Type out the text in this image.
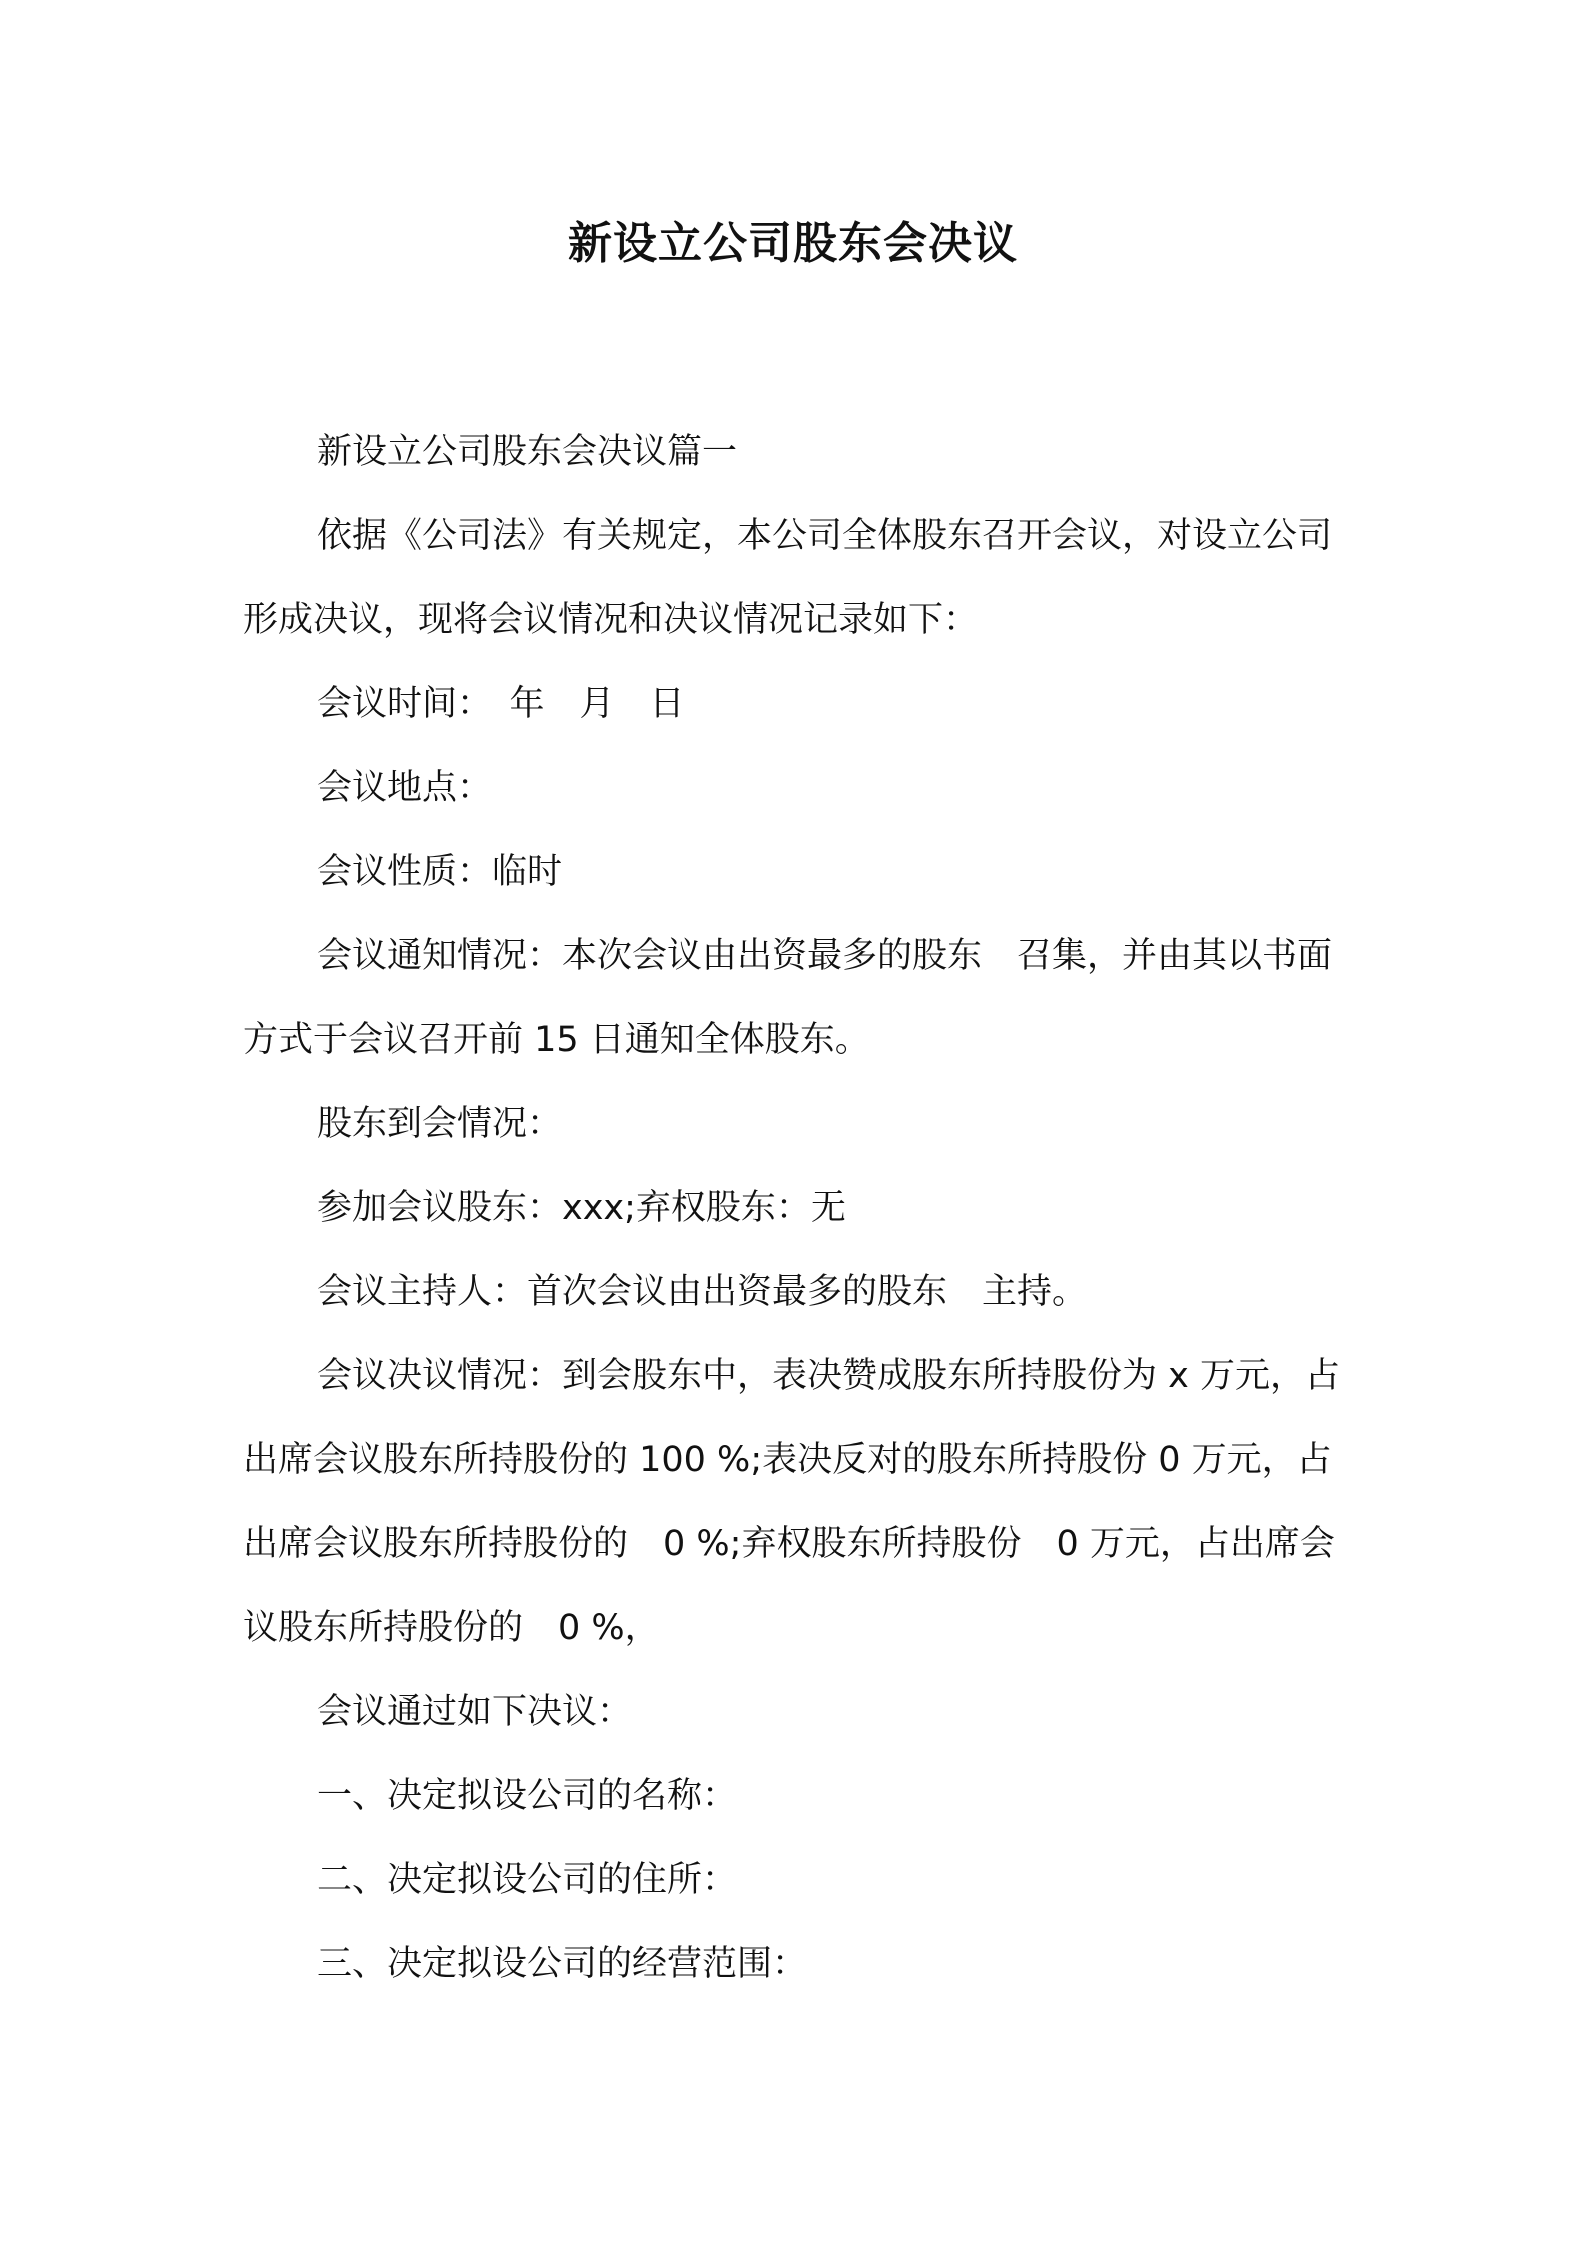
新设立公司股东会决议

新设立公司股东会决议篇一

依据《公司法》有关规定，本公司全体股东召开会议，对设立公司形成决议，现将会议情况和决议情况记录如下：

会议时间：　年　月　日

会议地点：

会议性质：临时

会议通知情况：本次会议由出资最多的股东　召集，并由其以书面方式于会议召开前 15 日通知全体股东。

股东到会情况：

参加会议股东：xxx;弃权股东：无

会议主持人：首次会议由出资最多的股东　主持。

会议决议情况：到会股东中，表决赞成股东所持股份为 x 万元，占出席会议股东所持股份的 100 %;表决反对的股东所持股份 0 万元，占出席会议股东所持股份的　0 %;弃权股东所持股份　0 万元，占出席会议股东所持股份的　0 %，

会议通过如下决议：

一、决定拟设公司的名称：

二、决定拟设公司的住所：

三、决定拟设公司的经营范围：
